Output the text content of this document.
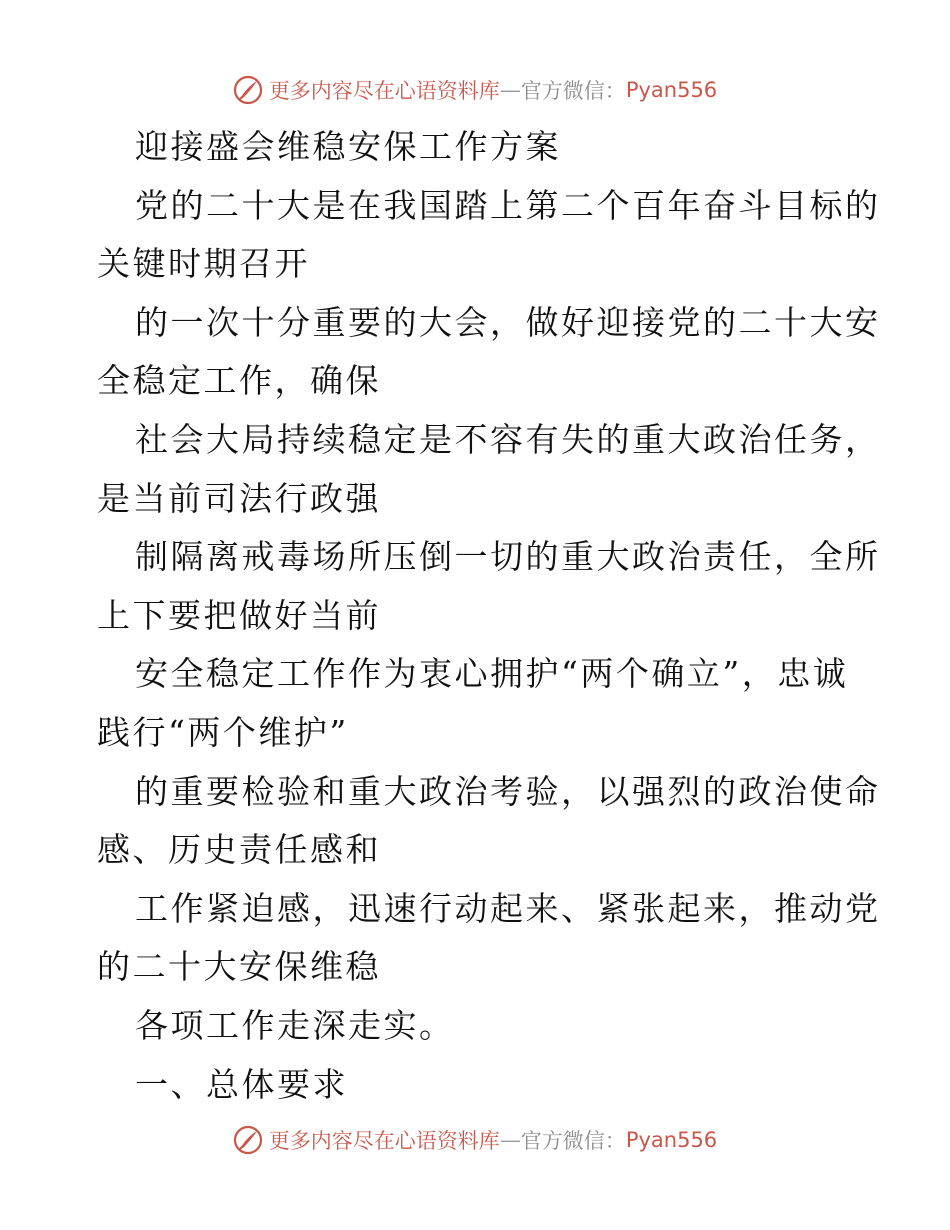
更多内容尽在心语资料库 — 官方微信： Pyan556
迎接盛会维稳安保工作方案
党的二十大是在我国踏上第二个百年奋斗目标的
关键时期召开
的一次十分重要的大会，做好迎接党的二十大安
全稳定工作，确保
社会大局持续稳定是不容有失的重大政治任务，
是当前司法行政强
制隔离戒毒场所压倒一切的重大政治责任，全所
上下要把做好当前
安全稳定工作作为衷心拥护“两个确立”，忠诚
践行“两个维护”
的重要检验和重大政治考验，以强烈的政治使命
感、历史责任感和
工作紧迫感，迅速行动起来、紧张起来，推动党
的二十大安保维稳
各项工作走深走实。
一、总体要求
更多内容尽在心语资料库 — 官方微信： Pyan556
